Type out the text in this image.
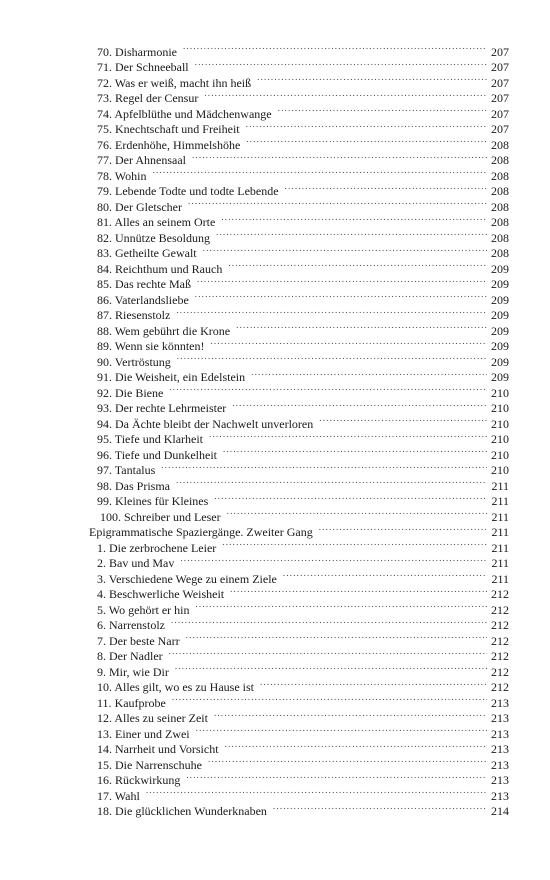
70. Disharmonie .....	207
71. Der Schneeball .....	207
72. Was er weiß, macht ihn heiß .....	207
73. Regel der Censur .....	207
74. Apfelblüthe und Mädchenwange .....	207
75. Knechtschaft und Freiheit .....	207
76. Erdenhöhe, Himmelshöhe .....	208
77. Der Ahnensaal .....	208
78. Wohin .....	208
79. Lebende Todte und todte Lebende .....	208
80. Der Gletscher .....	208
81. Alles an seinem Orte .....	208
82. Unnütze Besoldung .....	208
83. Getheilte Gewalt .....	208
84. Reichthum und Rauch .....	209
85. Das rechte Maß .....	209
86. Vaterlandsliebe .....	209
87. Riesenstolz .....	209
88. Wem gebührt die Krone .....	209
89. Wenn sie könnten! .....	209
90. Vertröstung .....	209
91. Die Weisheit, ein Edelstein .....	209
92. Die Biene .....	210
93. Der rechte Lehrmeister .....	210
94. Da Ächte bleibt der Nachwelt unverloren .....	210
95. Tiefe und Klarheit .....	210
96. Tiefe und Dunkelheit .....	210
97. Tantalus .....	210
98. Das Prisma .....	211
99. Kleines für Kleines .....	211
100. Schreiber und Leser .....	211
Epigrammatische Spaziergänge. Zweiter Gang .....	211
1. Die zerbrochene Leier .....	211
2. Bav und Mav .....	211
3. Verschiedene Wege zu einem Ziele .....	211
4. Beschwerliche Weisheit .....	212
5. Wo gehört er hin .....	212
6. Narrenstolz .....	212
7. Der beste Narr .....	212
8. Der Nadler .....	212
9. Mir, wie Dir .....	212
10. Alles gilt, wo es zu Hause ist .....	212
11. Kaufprobe .....	213
12. Alles zu seiner Zeit .....	213
13. Einer und Zwei .....	213
14. Narrheit und Vorsicht .....	213
15. Die Narrenschuhe .....	213
16. Rückwirkung .....	213
17. Wahl .....	213
18. Die glücklichen Wunderknaben .....	214
